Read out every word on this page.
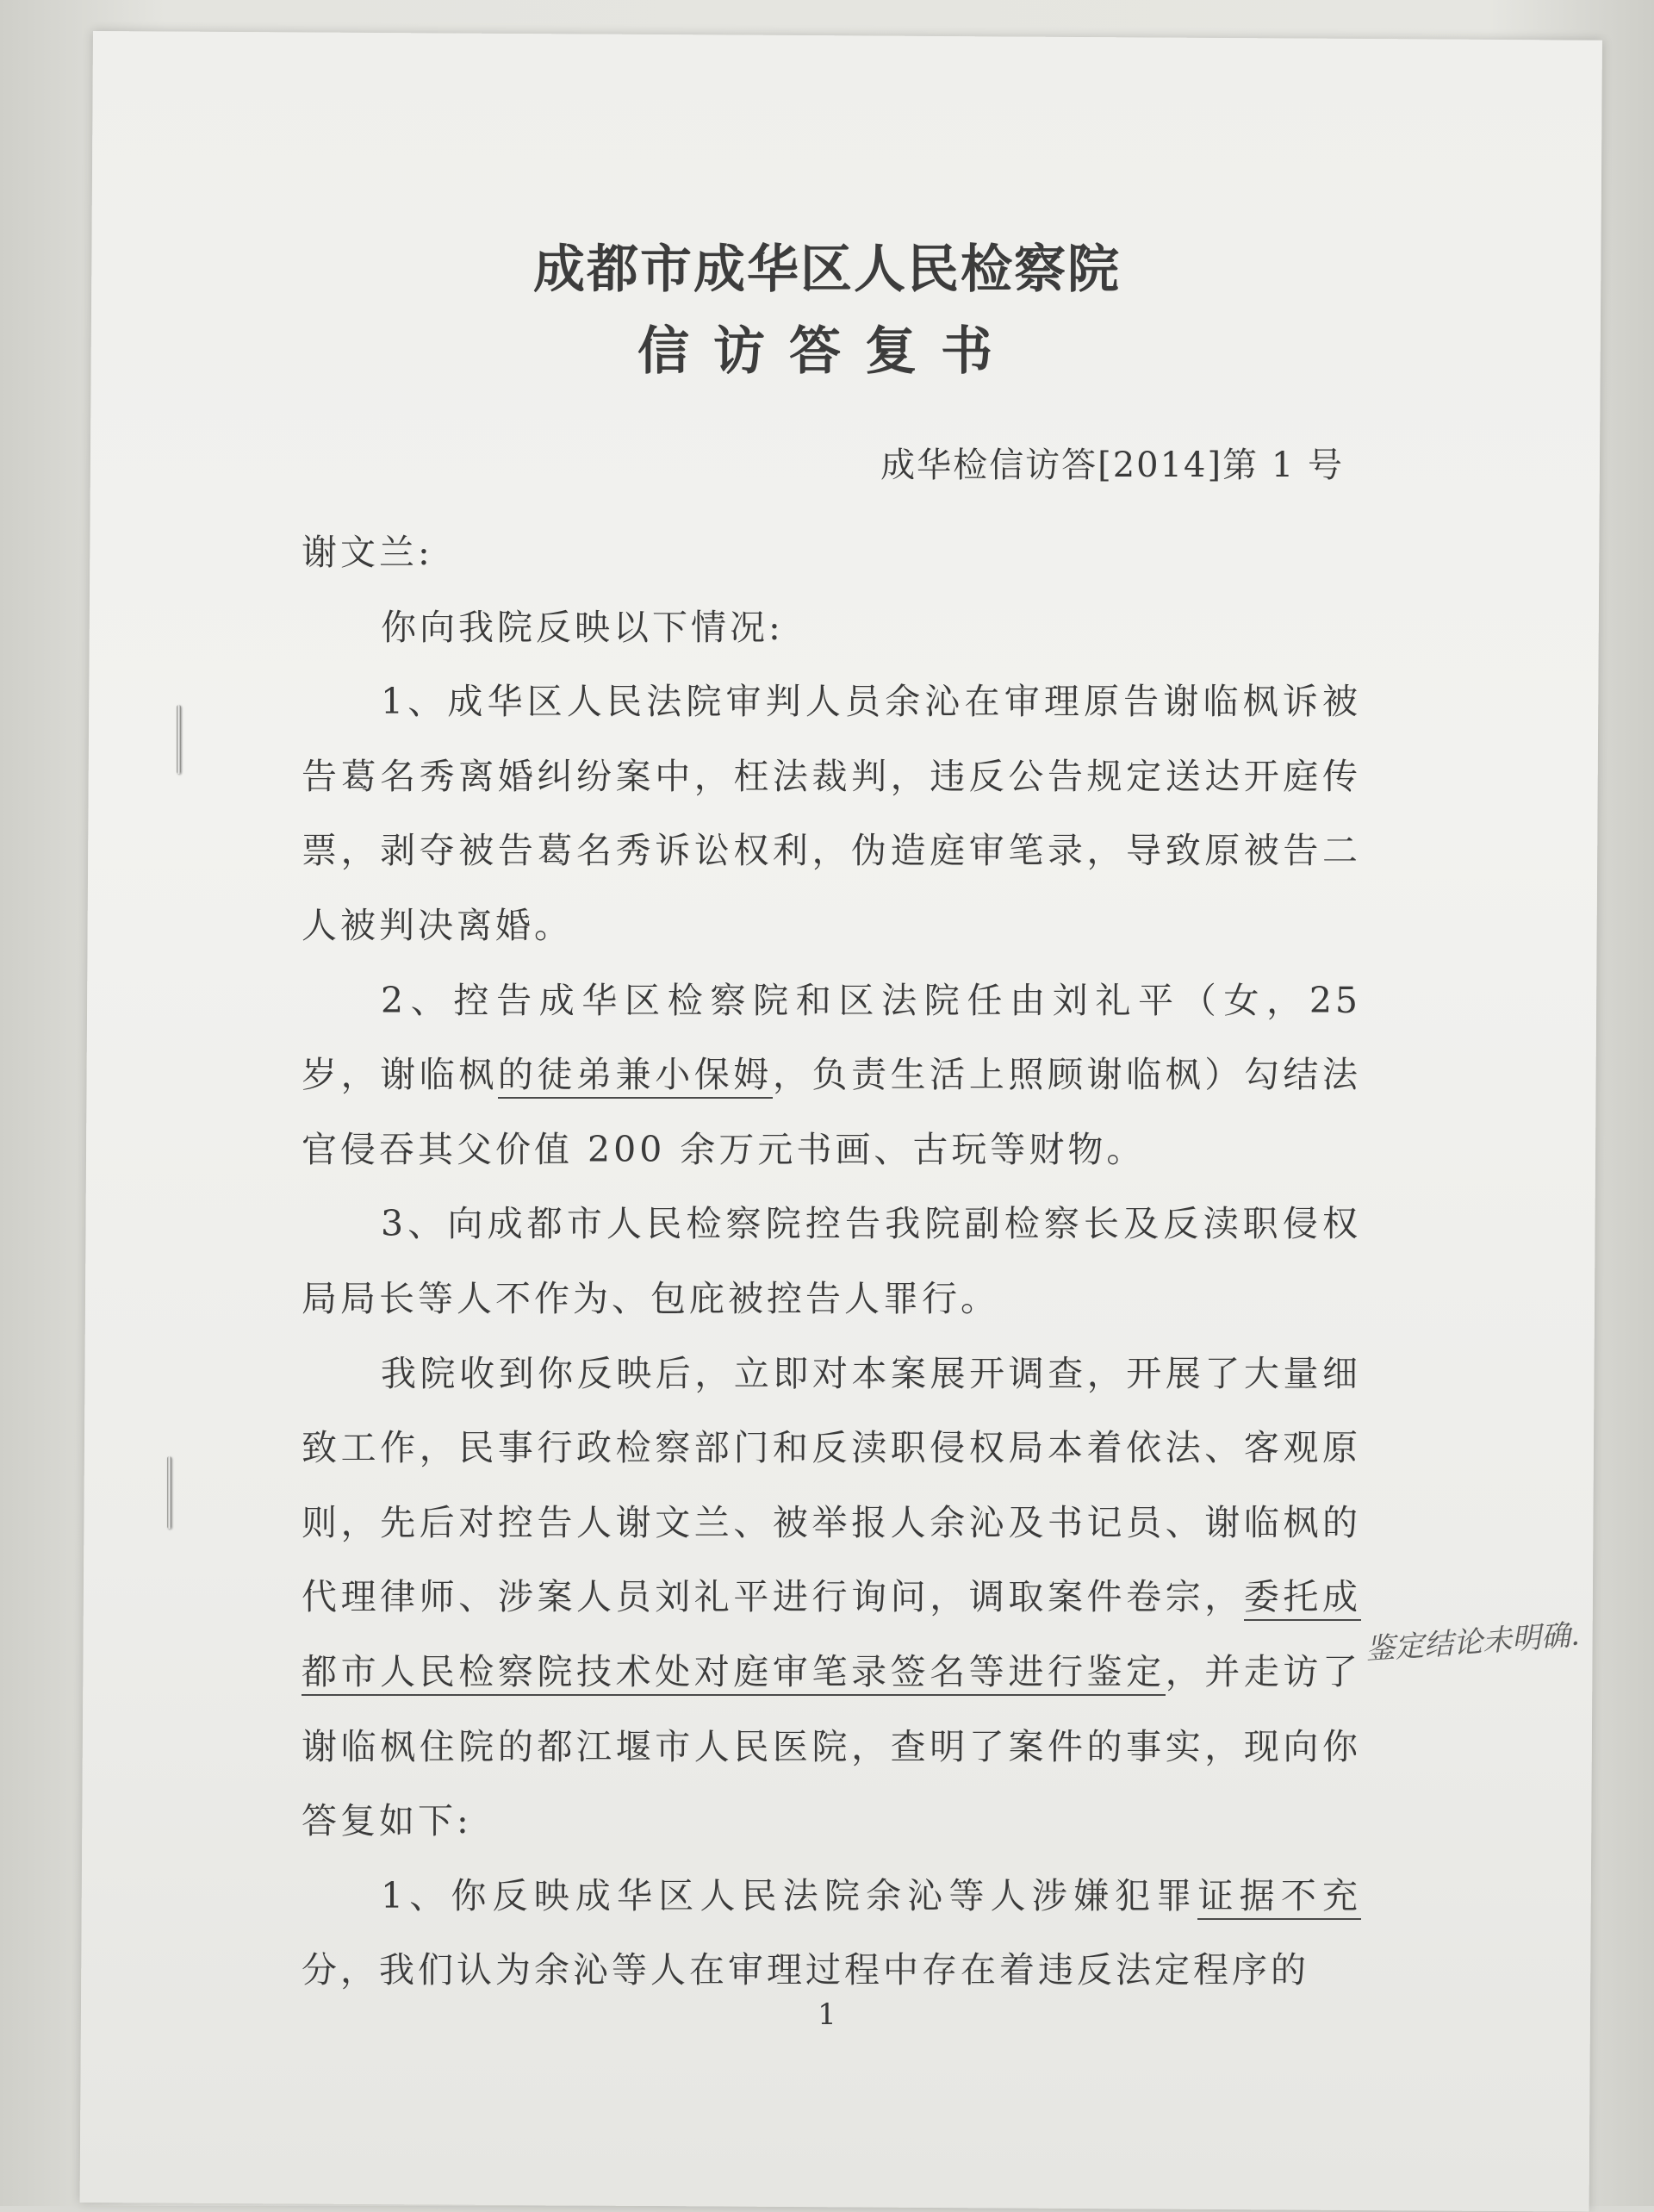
成都市成华区人民检察院
信访答复书
成华检信访答[2014]第 1 号

谢文兰:

你向我院反映以下情况:

1、成华区人民法院审判人员余沁在审理原告谢临枫诉被告葛名秀离婚纠纷案中，枉法裁判，违反公告规定送达开庭传票，剥夺被告葛名秀诉讼权利，伪造庭审笔录，导致原被告二人被判决离婚。

2、控告成华区检察院和区法院任由刘礼平（女，25 岁，谢临枫的徒弟兼小保姆，负责生活上照顾谢临枫）勾结法官侵吞其父价值 200 余万元书画、古玩等财物。

3、向成都市人民检察院控告我院副检察长及反渎职侵权局局长等人不作为、包庇被控告人罪行。

我院收到你反映后，立即对本案展开调查，开展了大量细致工作，民事行政检察部门和反渎职侵权局本着依法、客观原则，先后对控告人谢文兰、被举报人余沁及书记员、谢临枫的代理律师、涉案人员刘礼平进行询问，调取案件卷宗，委托成都市人民检察院技术处对庭审笔录签名等进行鉴定，并走访了谢临枫住院的都江堰市人民医院，查明了案件的事实，现向你答复如下:

1、你反映成华区人民法院余沁等人涉嫌犯罪证据不充分，我们认为余沁等人在审理过程中存在着违反法定程序的

鉴定结论未明确.
1
